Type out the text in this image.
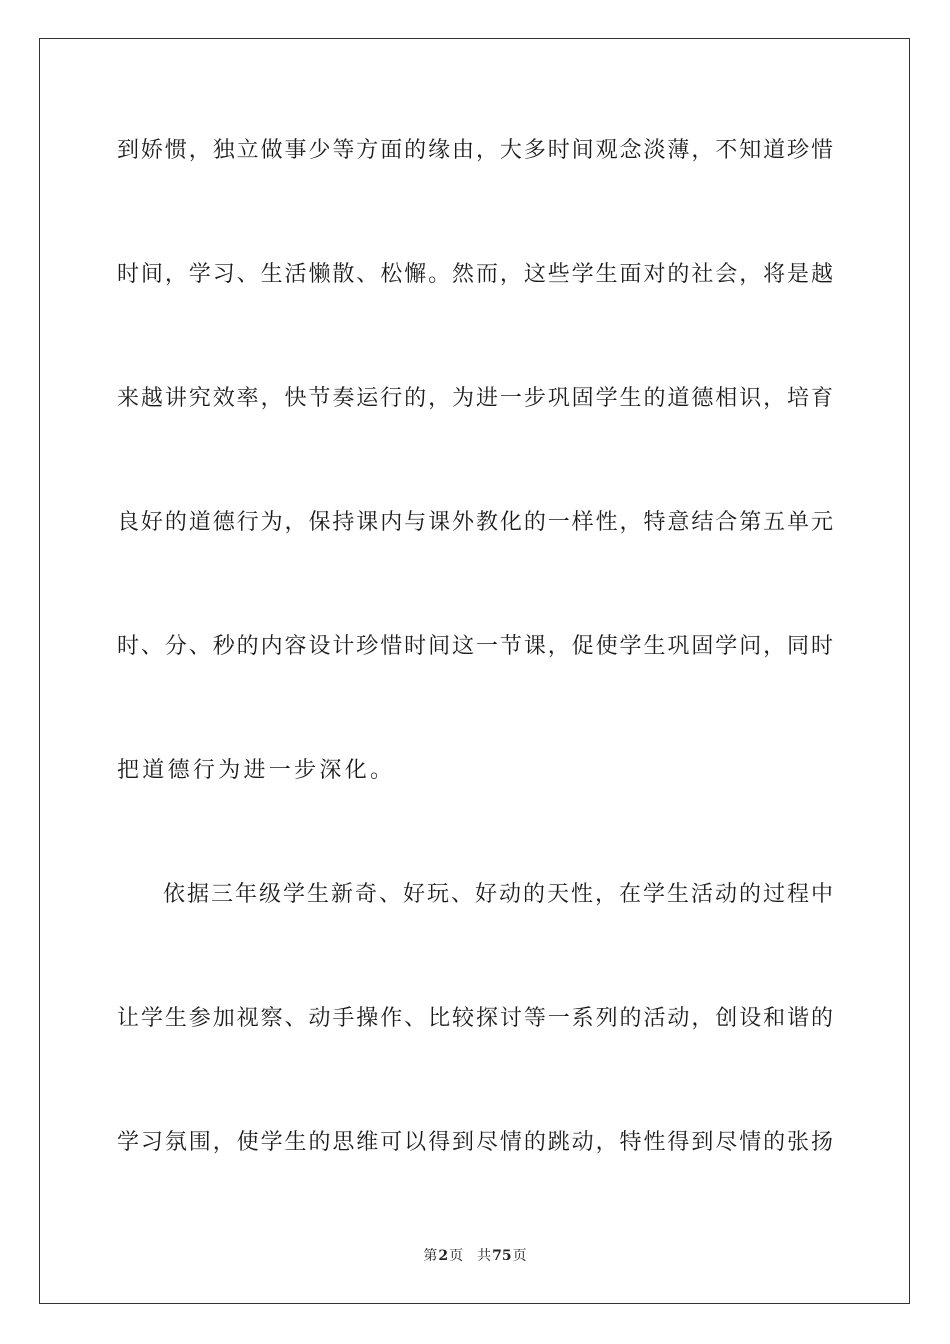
到娇惯，独立做事少等方面的缘由，大多时间观念淡薄，不知道珍惜
时间，学习、生活懒散、松懈。然而，这些学生面对的社会，将是越
来越讲究效率，快节奏运行的，为进一步巩固学生的道德相识，培育
良好的道德行为，保持课内与课外教化的一样性，特意结合第五单元
时、分、秒的内容设计珍惜时间这一节课，促使学生巩固学问，同时
把道德行为进一步深化。
依据三年级学生新奇、好玩、好动的天性，在学生活动的过程中
让学生参加视察、动手操作、比较探讨等一系列的活动，创设和谐的
学习氛围，使学生的思维可以得到尽情的跳动，特性得到尽情的张扬
第2页 共75页
